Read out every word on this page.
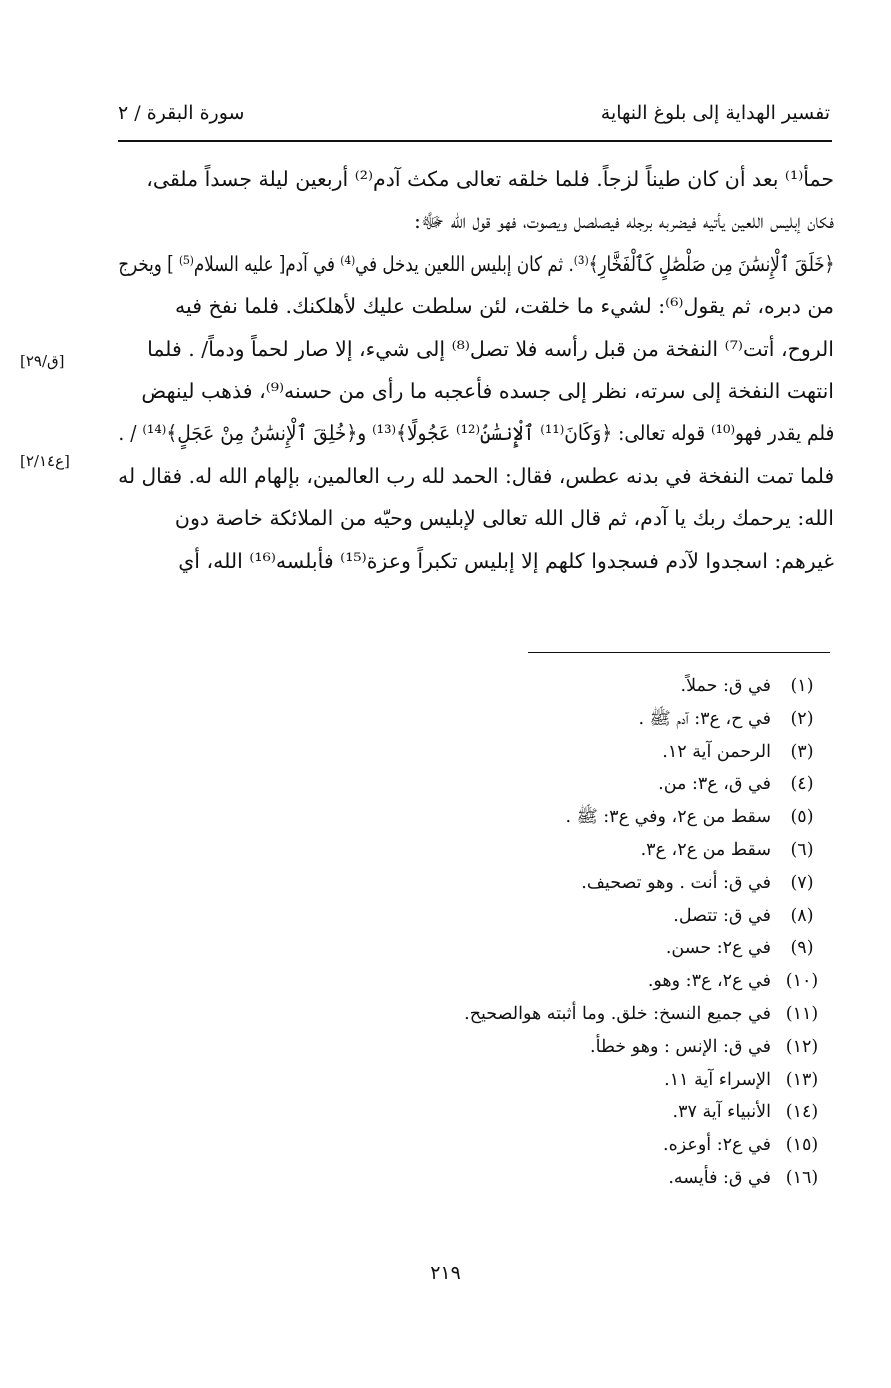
تفسير الهداية إلى بلوغ النهاية
سورة البقرة / ٢
حمأ⁽¹⁾ بعد أن كان طيناً لزجاً. فلما خلقه تعالى مكث آدم⁽²⁾ أربعين ليلة جسداً ملقى،
فكان إبليس اللعين يأتيه فيضربه برجله فيصلصل ويصوت، فهو قول الله ﷻ:
﴿خَلَقَ ٱلْإِنسَٰنَ مِن صَلْصَٰلٍ كَٱلْفَخَّارِ﴾⁽³⁾. ثم كان إبليس اللعين يدخل في⁽⁴⁾ في آدم[ عليه السلام⁽⁵⁾ ] ويخرج
من دبره، ثم يقول⁽⁶⁾: لشيء ما خلقت، لئن سلطت عليك لأهلكنك. فلما نفخ فيه
الروح، أتت⁽⁷⁾ النفخة من قبل رأسه فلا تصل⁽⁸⁾ إلى شيء، إلا صار لحماً ودماً/ . فلما
انتهت النفخة إلى سرته، نظر إلى جسده فأعجبه ما رأى من حسنه⁽⁹⁾، فذهب لينهض
فلم يقدر فهو⁽¹⁰⁾ قوله تعالى: ﴿وَكَانَ⁽¹¹⁾ ٱلْإِنسَٰنُ⁽¹²⁾ عَجُولًا﴾⁽¹³⁾ و﴿خُلِقَ ٱلْإِنسَٰنُ مِنْ عَجَلٍ﴾⁽¹⁴⁾ / .
فلما تمت النفخة في بدنه عطس، فقال: الحمد لله رب العالمين، بإلهام الله له. فقال له
الله: يرحمك ربك يا آدم، ثم قال الله تعالى لإبليس وحيّه من الملائكة خاصة دون
غيرهم: اسجدوا لآدم فسجدوا كلهم إلا إبليس تكبراً وعزة⁽¹⁵⁾ فأبلسه⁽¹⁶⁾ الله، أي
[ق/٢٩]
[ع٢/١٤]
(١)في ق: حملاً.
(٢)في ح، ع٣: آدم ﷺ .
(٣)الرحمن آية ١٢.
(٤)في ق، ع٣: من.
(٥)سقط من ع٢، وفي ع٣: ﷺ .
(٦)سقط من ع٢، ع٣.
(٧)في ق: أنت . وهو تصحيف.
(٨)في ق: تتصل.
(٩)في ع٢: حسن.
(١٠)في ع٢، ع٣: وهو.
(١١)في جميع النسخ: خلق. وما أثبته هوالصحيح.
(١٢)في ق: الإنس : وهو خطأ.
(١٣)الإسراء آية ١١.
(١٤)الأنبياء آية ٣٧.
(١٥)في ع٢: أوعزه.
(١٦)في ق: فأيسه.
٢١٩
